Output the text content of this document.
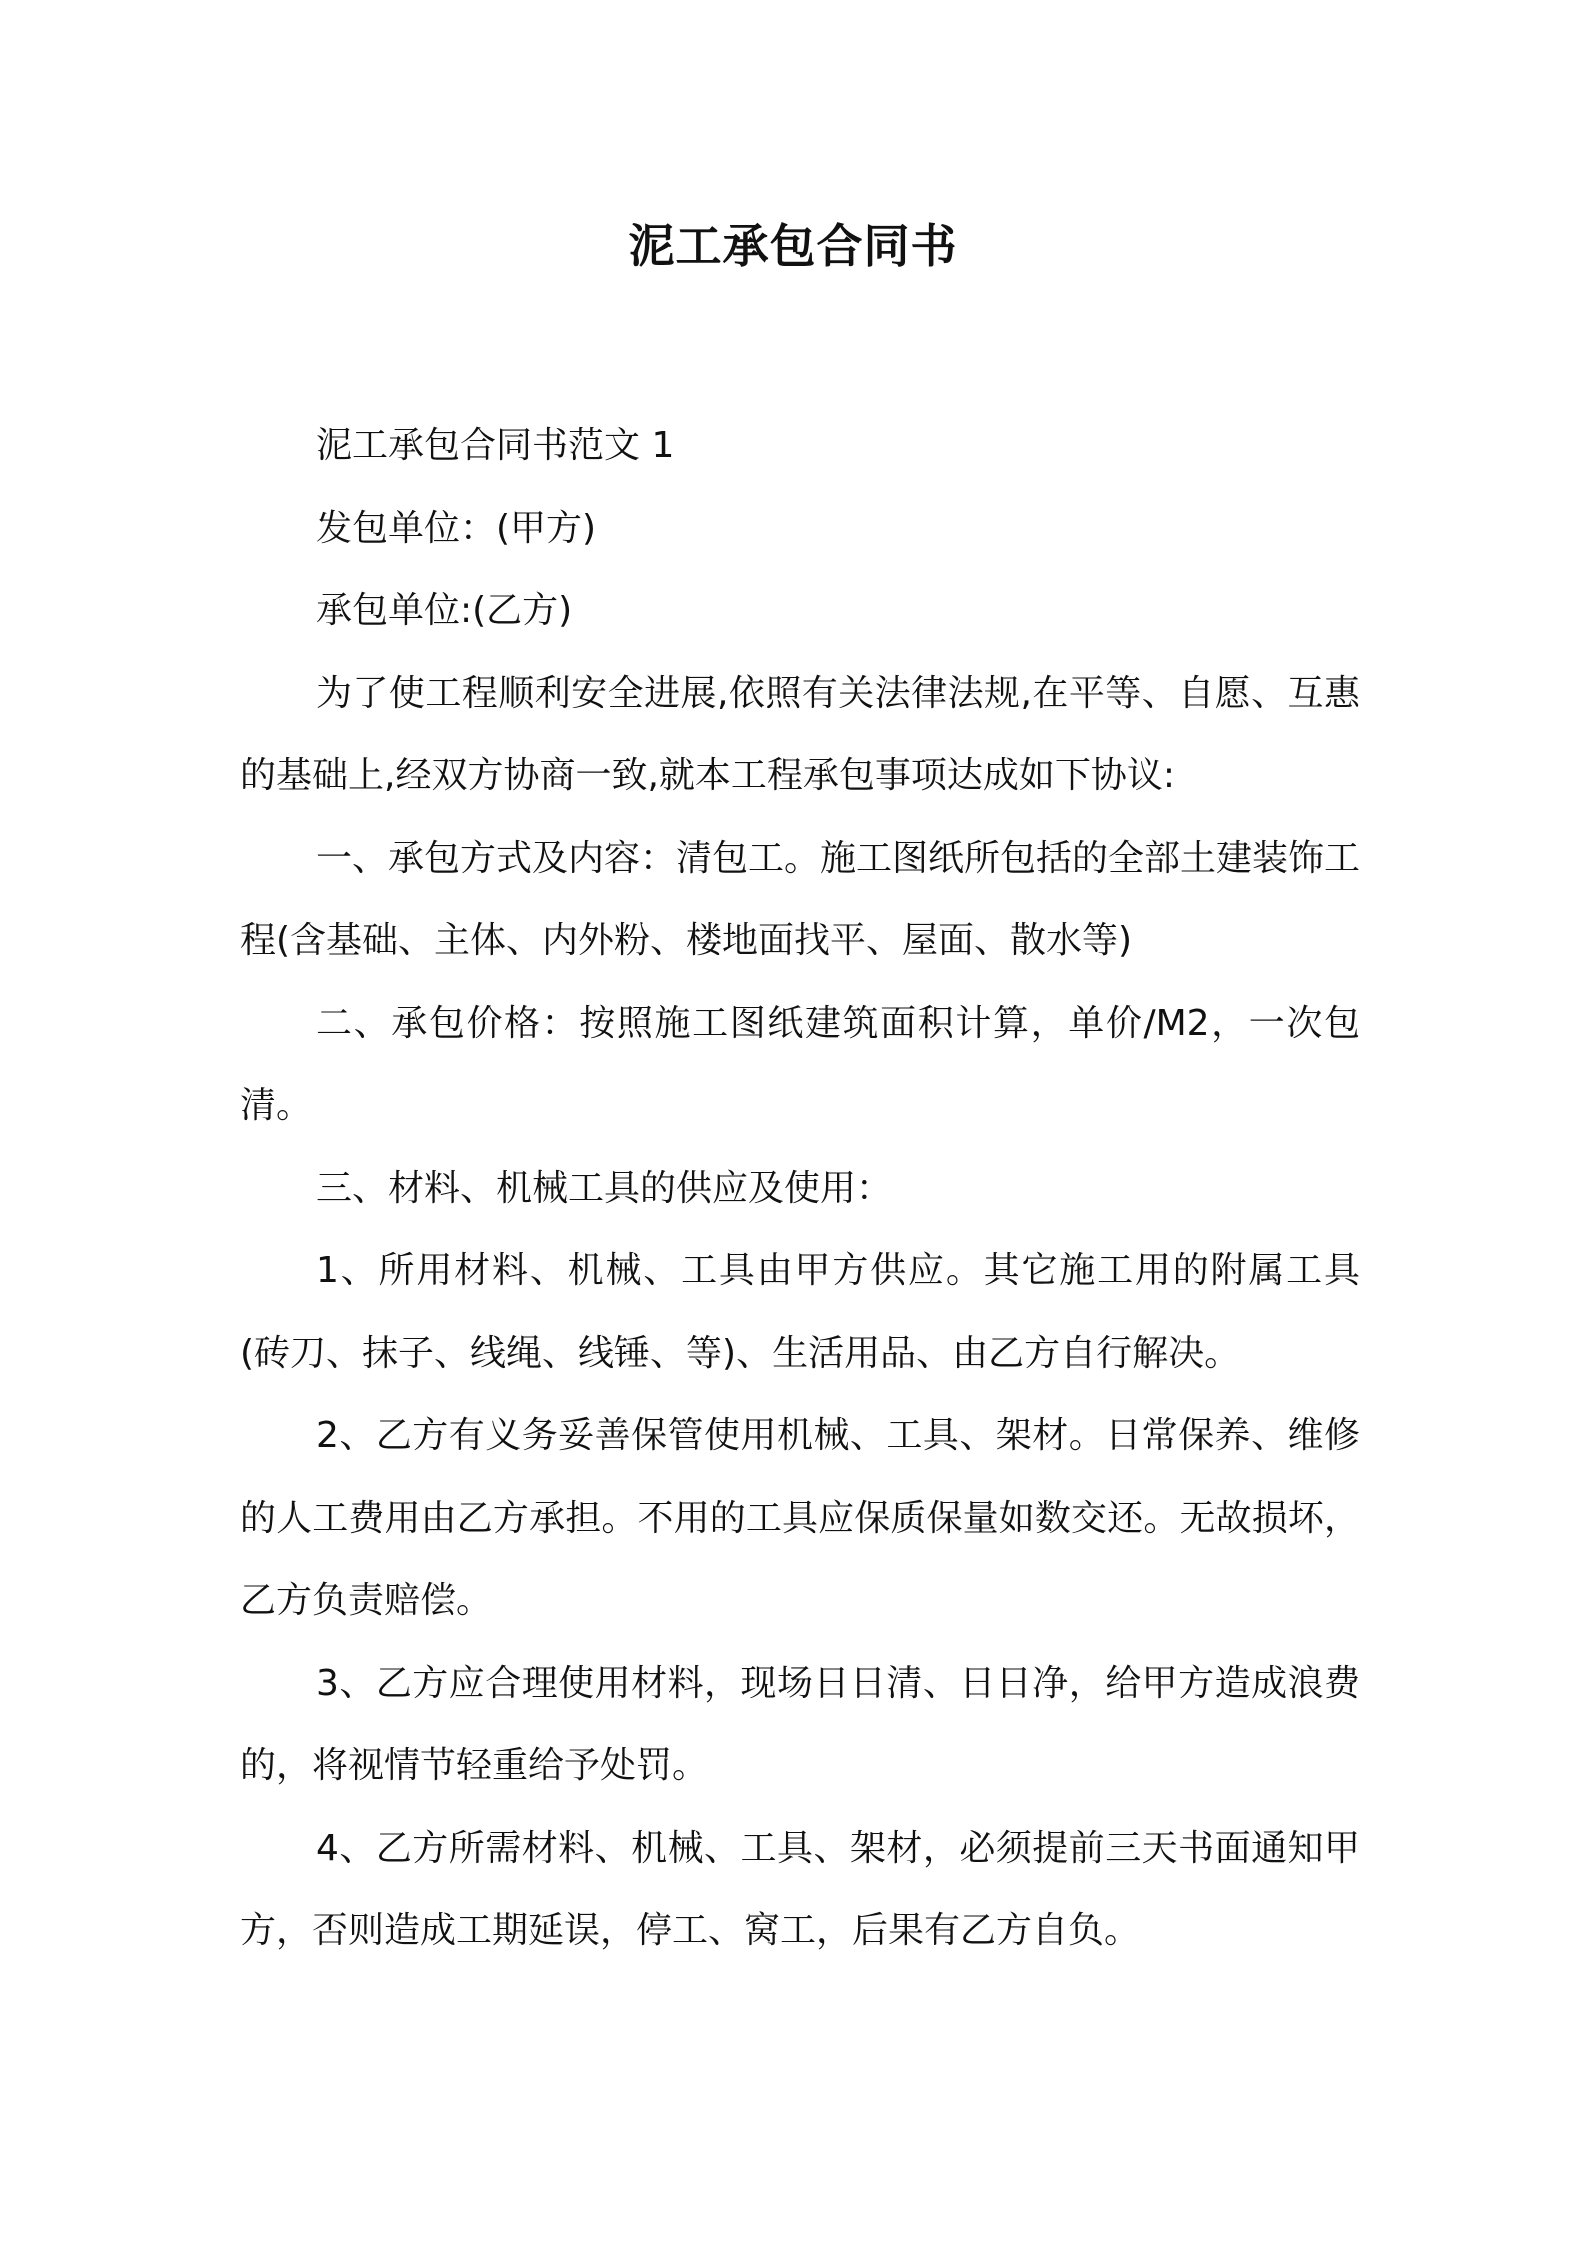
泥工承包合同书

泥工承包合同书范文 1

发包单位：(甲方)

承包单位:(乙方)

为了使工程顺利安全进展,依照有关法律法规,在平等、自愿、互惠的基础上,经双方协商一致,就本工程承包事项达成如下协议:

一、承包方式及内容：清包工。施工图纸所包括的全部土建装饰工程(含基础、主体、内外粉、楼地面找平、屋面、散水等)

二、承包价格：按照施工图纸建筑面积计算，单价/M2，一次包清。

三、材料、机械工具的供应及使用：

1、所用材料、机械、工具由甲方供应。其它施工用的附属工具(砖刀、抹子、线绳、线锤、等)、生活用品、由乙方自行解决。

2、乙方有义务妥善保管使用机械、工具、架材。日常保养、维修的人工费用由乙方承担。不用的工具应保质保量如数交还。无故损坏，乙方负责赔偿。

3、乙方应合理使用材料，现场日日清、日日净，给甲方造成浪费的，将视情节轻重给予处罚。

4、乙方所需材料、机械、工具、架材，必须提前三天书面通知甲方，否则造成工期延误，停工、窝工，后果有乙方自负。
